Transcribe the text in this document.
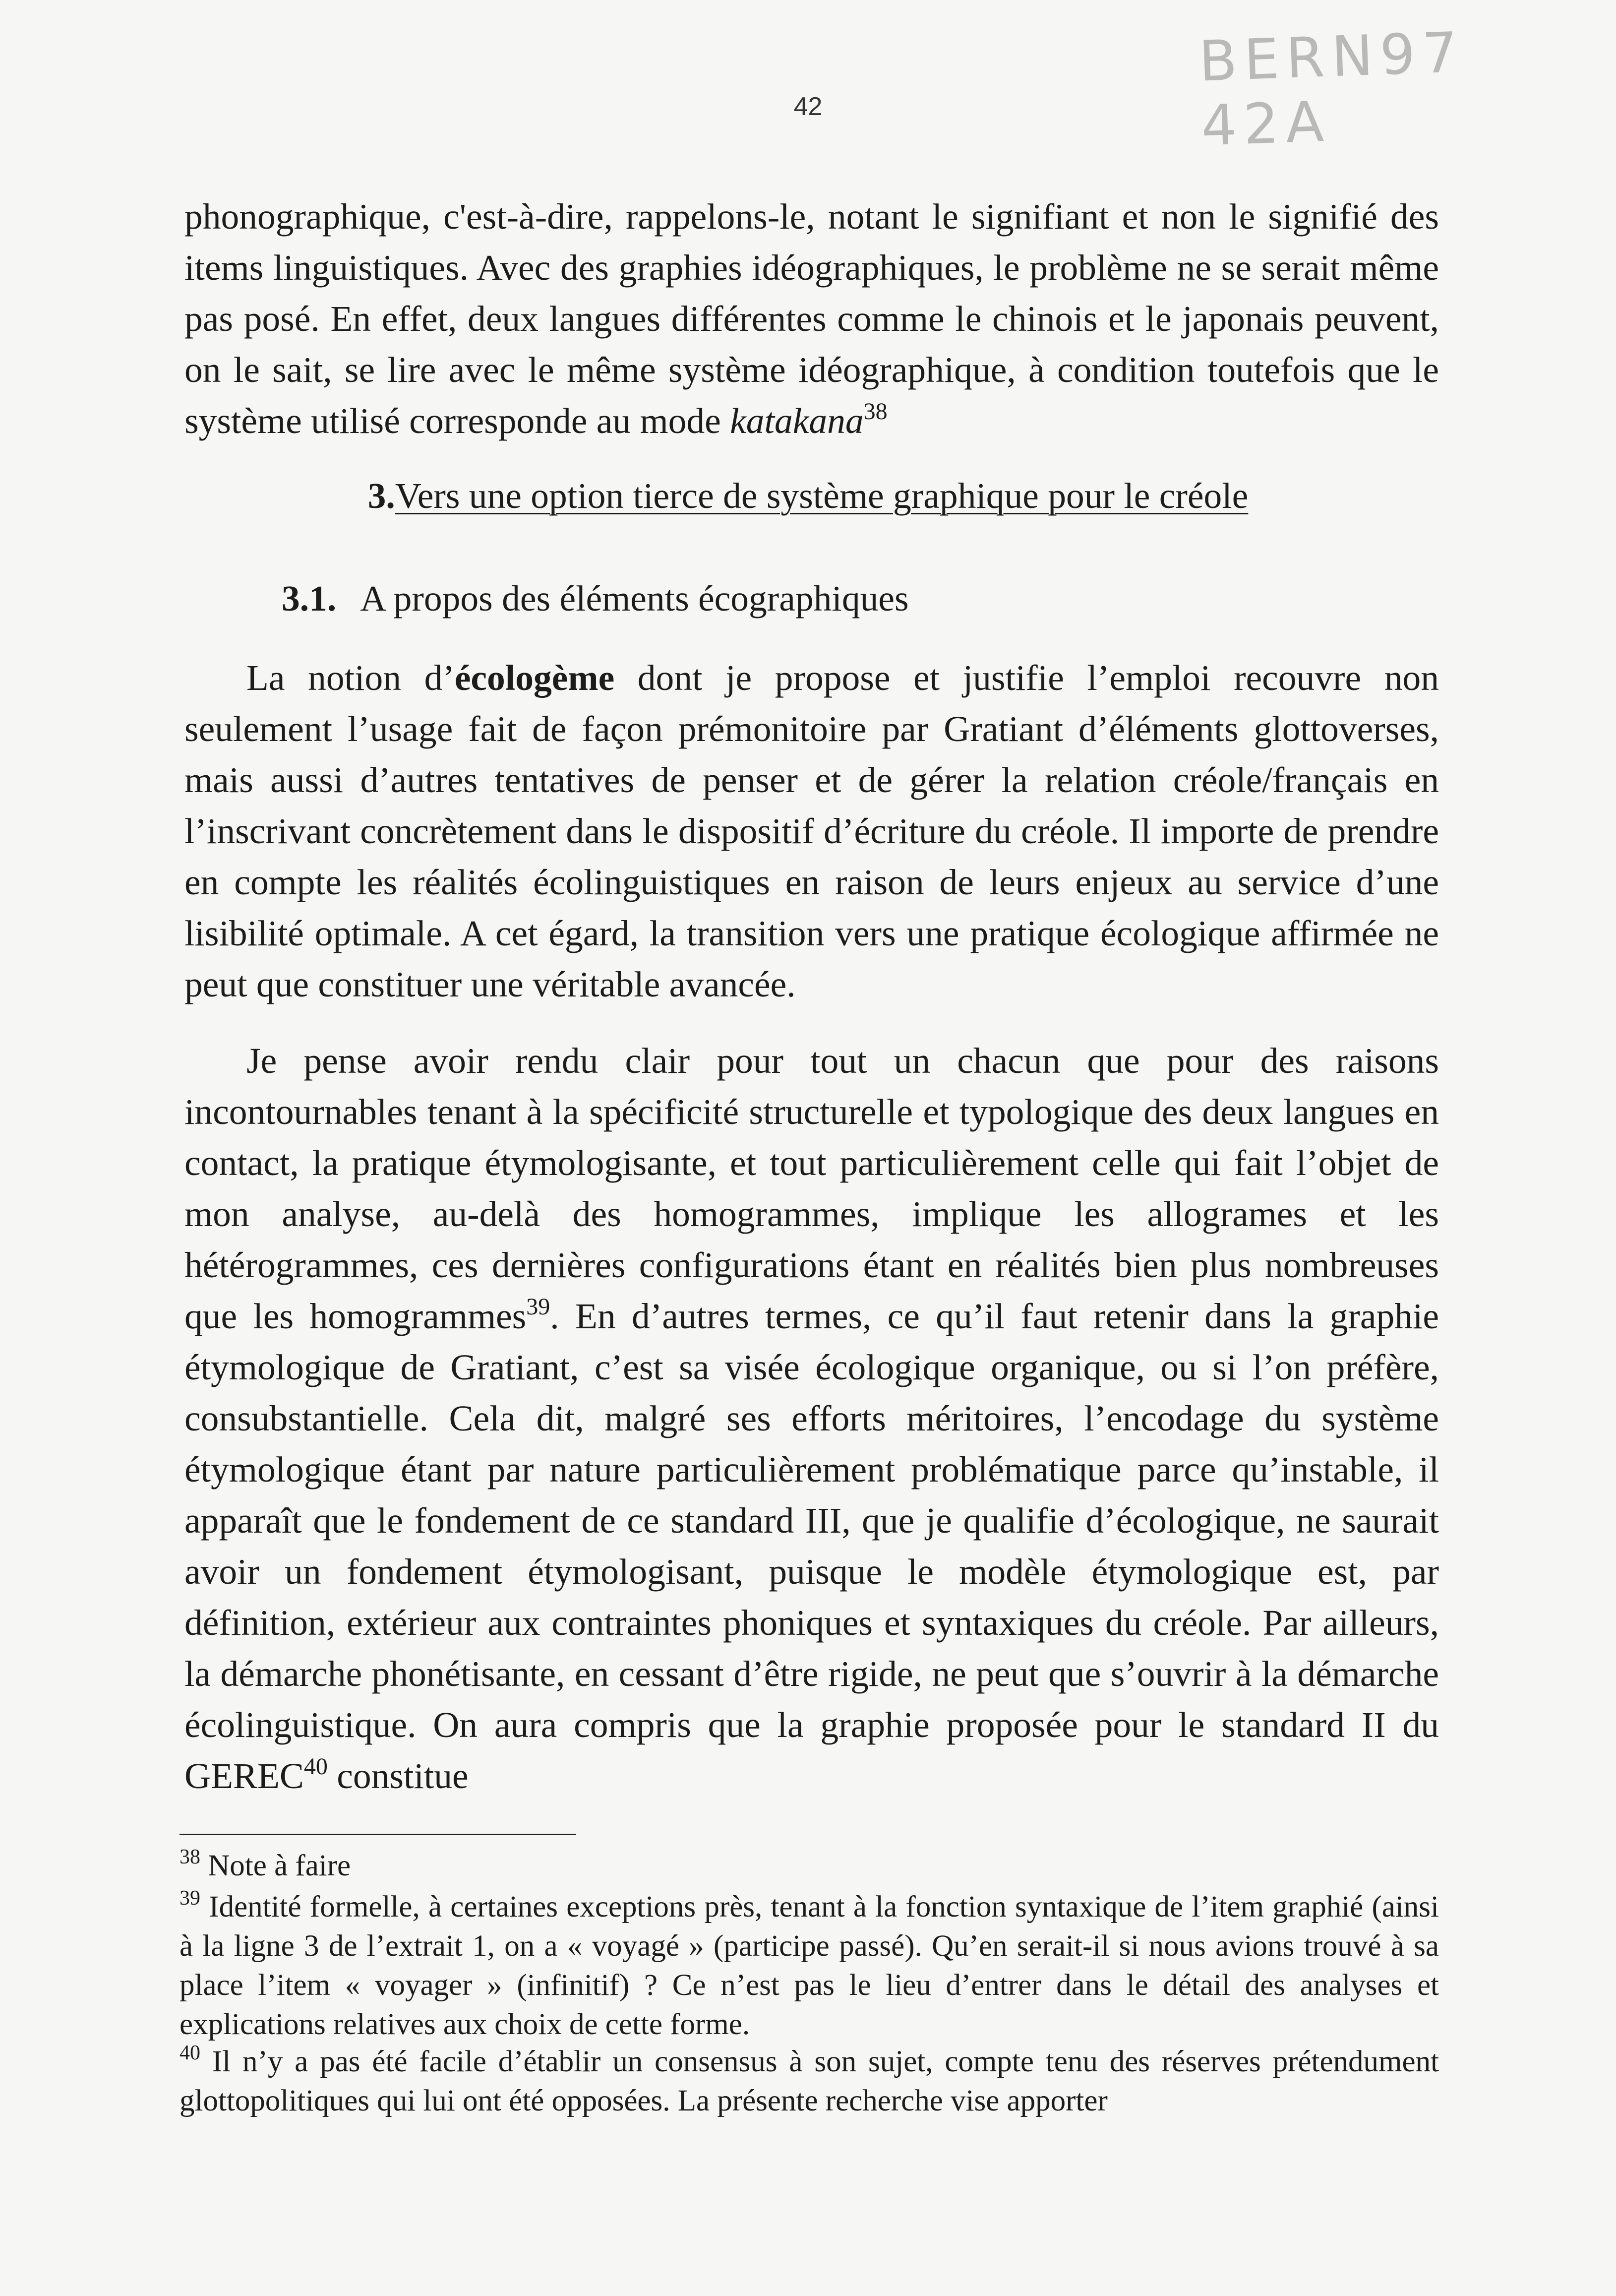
BERN97 42A
42

phonographique, c'est-à-dire, rappelons-le, notant le signifiant et non le signifié des items linguistiques. Avec des graphies idéographiques, le problème ne se serait même pas posé. En effet, deux langues différentes comme le chinois et le japonais peuvent, on le sait, se lire avec le même système idéographique, à condition toutefois que le système utilisé corresponde au mode katakana$^{38}$

3.Vers une option tierce de système graphique pour le créole
3.1. A propos des éléments écographiques

La notion d’écologème dont je propose et justifie l’emploi recouvre non seulement l’usage fait de façon prémonitoire par Gratiant d’éléments glottoverses, mais aussi d’autres tentatives de penser et de gérer la relation créole/français en l’inscrivant concrètement dans le dispositif d’écriture du créole. Il importe de prendre en compte les réalités écolinguistiques en raison de leurs enjeux au service d’une lisibilité optimale. A cet égard, la transition vers une pratique écologique affirmée ne peut que constituer une véritable avancée.

Je pense avoir rendu clair pour tout un chacun que pour des raisons incontournables tenant à la spécificité structurelle et typologique des deux langues en contact, la pratique étymologisante, et tout particulièrement celle qui fait l’objet de mon analyse, au-delà des homogrammes, implique les allogrames et les hétérogrammes, ces dernières configurations étant en réalités bien plus nombreuses que les homogrammes$^{39}$. En d’autres termes, ce qu’il faut retenir dans la graphie étymologique de Gratiant, c’est sa visée écologique organique, ou si l’on préfère, consubstantielle. Cela dit, malgré ses efforts méritoires, l’encodage du système étymologique étant par nature particulièrement problématique parce qu’instable, il apparaît que le fondement de ce standard III, que je qualifie d’écologique, ne saurait avoir un fondement étymologisant, puisque le modèle étymologique est, par définition, extérieur aux contraintes phoniques et syntaxiques du créole. Par ailleurs, la démarche phonétisante, en cessant d’être rigide, ne peut que s’ouvrir à la démarche écolinguistique. On aura compris que la graphie proposée pour le standard II du GEREC$^{40}$ constitue

$^{38}$ Note à faire

$^{39}$ Identité formelle, à certaines exceptions près, tenant à la fonction syntaxique de l’item graphié (ainsi à la ligne 3 de l’extrait 1, on a « voyagé » (participe passé). Qu’en serait-il si nous avions trouvé à sa place l’item « voyager » (infinitif) ? Ce n’est pas le lieu d’entrer dans le détail des analyses et explications relatives aux choix de cette forme.

$^{40}$ Il n’y a pas été facile d’établir un consensus à son sujet, compte tenu des réserves prétendument glottopolitiques qui lui ont été opposées. La présente recherche vise apporter
